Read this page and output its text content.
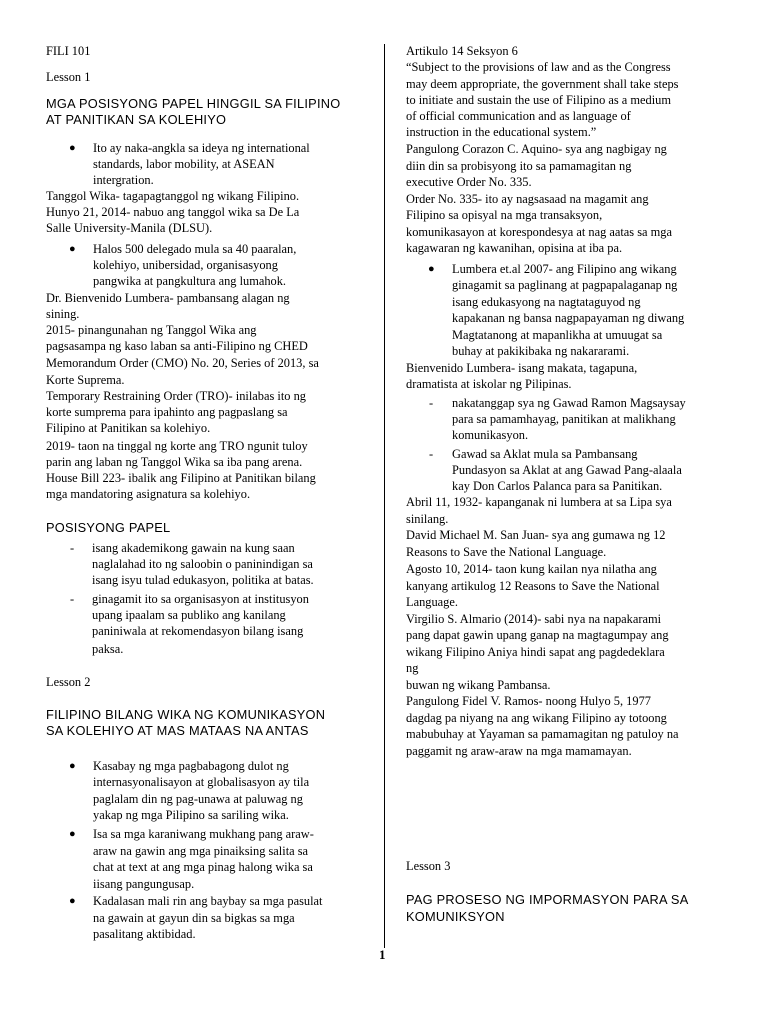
FILI 101

Lesson 1

MGA POSISYONG PAPEL HINGGIL SA FILIPINO

AT PANITIKAN SA KOLEHIYO

● Ito ay naka-angkla sa ideya ng international

standards, labor mobility, at ASEAN

intergration.

Tanggol Wika- tagapagtanggol ng wikang Filipino.

Hunyo 21, 2014- nabuo ang tanggol wika sa De La

Salle University-Manila (DLSU).

● Halos 500 delegado mula sa 40 paaralan,

kolehiyo, unibersidad, organisasyong

pangwika at pangkultura ang lumahok.

Dr. Bienvenido Lumbera- pambansang alagan ng

sining.

2015- pinangunahan ng Tanggol Wika ang

pagsasampa ng kaso laban sa anti-Filipino ng CHED

Memorandum Order (CMO) No. 20, Series of 2013, sa

Korte Suprema.

Temporary Restraining Order (TRO)- inilabas ito ng

korte sumprema para ipahinto ang pagpaslang sa

Filipino at Panitikan sa kolehiyo.

2019- taon na tinggal ng korte ang TRO ngunit tuloy

parin ang laban ng Tanggol Wika sa iba pang arena.

House Bill 223- ibalik ang Filipino at Panitikan bilang

mga mandatoring asignatura sa kolehiyo.

POSISYONG PAPEL

- isang akademikong gawain na kung saan

naglalahad ito ng saloobin o paninindigan sa

isang isyu tulad edukasyon, politika at batas.

- ginagamit ito sa organisasyon at institusyon

upang ipaalam sa publiko ang kanilang

paniniwala at rekomendasyon bilang isang

paksa.

Lesson 2

FILIPINO BILANG WIKA NG KOMUNIKASYON

SA KOLEHIYO AT MAS MATAAS NA ANTAS

● Kasabay ng mga pagbabagong dulot ng

internasyonalisayon at globalisasyon ay tila

paglalam din ng pag-unawa at paluwag ng

yakap ng mga Pilipino sa sariling wika.

● Isa sa mga karaniwang mukhang pang araw-

araw na gawin ang mga pinaiksing salita sa

chat at text at ang mga pinag halong wika sa

iisang pangungusap.

● Kadalasan mali rin ang baybay sa mga pasulat

na gawain at gayun din sa bigkas sa mga

pasalitang aktibidad.

Artikulo 14 Seksyon 6

“Subject to the provisions of law and as the Congress

may deem appropriate, the government shall take steps

to initiate and sustain the use of Filipino as a medium

of official communication and as language of

instruction in the educational system.”

Pangulong Corazon C. Aquino- sya ang nagbigay ng

diin din sa probisyong ito sa pamamagitan ng

executive Order No. 335.

Order No. 335- ito ay nagsasaad na magamit ang

Filipino sa opisyal na mga transaksyon,

komunikasayon at korespondesya at nag aatas sa mga

kagawaran ng kawanihan, opisina at iba pa.

● Lumbera et.al 2007- ang Filipino ang wikang

ginagamit sa paglinang at pagpapalaganap ng

isang edukasyong na nagtataguyod ng

kapakanan ng bansa nagpapayaman ng diwang

Magtatanong at mapanlikha at umuugat sa

buhay at pakikibaka ng nakararami.

Bienvenido Lumbera- isang makata, tagapuna,

dramatista at iskolar ng Pilipinas.

- nakatanggap sya ng Gawad Ramon Magsaysay

para sa pamamhayag, panitikan at malikhang

komunikasyon.

- Gawad sa Aklat mula sa Pambansang

Pundasyon sa Aklat at ang Gawad Pang-alaala

kay Don Carlos Palanca para sa Panitikan.

Abril 11, 1932- kapanganak ni lumbera at sa Lipa sya

sinilang.

David Michael M. San Juan- sya ang gumawa ng 12

Reasons to Save the National Language.

Agosto 10, 2014- taon kung kailan nya nilatha ang

kanyang artikulog 12 Reasons to Save the National

Language.

Virgilio S. Almario (2014)- sabi nya na napakarami

pang dapat gawin upang ganap na magtagumpay ang

wikang Filipino Aniya hindi sapat ang pagdedeklara

ng

buwan ng wikang Pambansa.

Pangulong Fidel V. Ramos- noong Hulyo 5, 1977

dagdag pa niyang na ang wikang Filipino ay totoong

mabubuhay at Yayaman sa pamamagitan ng patuloy na

paggamit ng araw-araw na mga mamamayan.

Lesson 3

PAG PROSESO NG IMPORMASYON PARA SA

KOMUNIKSYON

1
